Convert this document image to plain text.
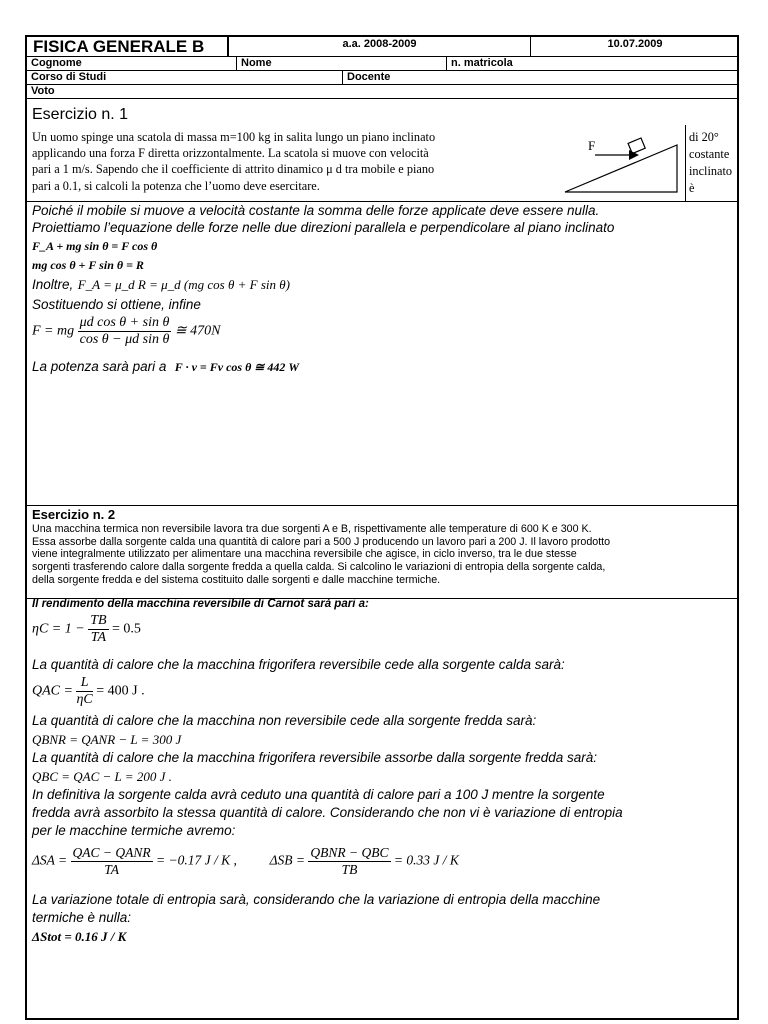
FISICA GENERALE B	a.a. 2008-2009	10.07.2009
Cognome	Nome	n. matricola
Corso di Studi	Docente
Voto
Esercizio n. 1
Un uomo spinge una scatola di massa m=100 kg in salita lungo un piano inclinato
applicando una forza F diretta orizzontalmente. La scatola si muove con velocità
pari a 1 m/s. Sapendo che il coefficiente di attrito dinamico μ d tra mobile e piano
pari a 0.1, si calcoli la potenza che l’uomo deve esercitare.
F
di 20°
costante
inclinato è
Poiché il mobile si muove a velocità costante la somma delle forze applicate deve essere nulla.
Proiettiamo l’equazione delle forze nelle due direzioni parallela e perpendicolare al piano inclinato
F_A + mg sin θ = F cos θ
mg cos θ + F sin θ = R
Inoltre, F_A = μ_d R = μ_d (mg cos θ + F sin θ)
Sostituendo si ottiene, infine
F = mg $\frac{\text{μd cos θ + sin θ}}{\text{cos θ − μd sin θ}}$ ≅ 470N
La potenza sarà pari a F · v = Fv cos θ ≅ 442 W
Esercizio n. 2
Una macchina termica non reversibile lavora tra due sorgenti A e B, rispettivamente alle temperature di 600 K e 300 K.
Essa assorbe dalla sorgente calda una quantità di calore pari a 500 J producendo un lavoro pari a 200 J. Il lavoro prodotto
viene integralmente utilizzato per alimentare una macchina reversibile che agisce, in ciclo inverso, tra le due stesse
sorgenti trasferendo calore dalla sorgente fredda a quella calda. Si calcolino le variazioni di entropia della sorgente calda,
della sorgente fredda e del sistema costituito dalle sorgenti e dalle macchine termiche.
Il rendimento della macchina reversibile di Carnot sarà pari a:
$\eta C = 1 - \frac{TB}{TA} = 0.5$
La quantità di calore che la macchina frigorifera reversibile cede alla sorgente calda sarà:
QAC = $\frac{L}{\eta C} = 400$ J .
La quantità di calore che la macchina non reversibile cede alla sorgente fredda sarà:
QBNR = QANR − L = 300 J
La quantità di calore che la macchina frigorifera reversibile assorbe dalla sorgente fredda sarà:
QBC = QAC − L = 200 J .
In definitiva la sorgente calda avrà ceduto una quantità di calore pari a 100 J mentre la sorgente
fredda avrà assorbito la stessa quantità di calore. Considerando che non vi è variazione di entropia
per le macchine termiche avremo:
$\Delta SA = \frac{\text{QAC − QANR}}{TA} = -0.17$ J / K , $\Delta SB = \frac{\text{QBNR − QBC}}{TB} = 0.33$ J / K
La variazione totale di entropia sarà, considerando che la variazione di entropia della macchine
termiche è nulla:
ΔStot = 0.16 J / K
